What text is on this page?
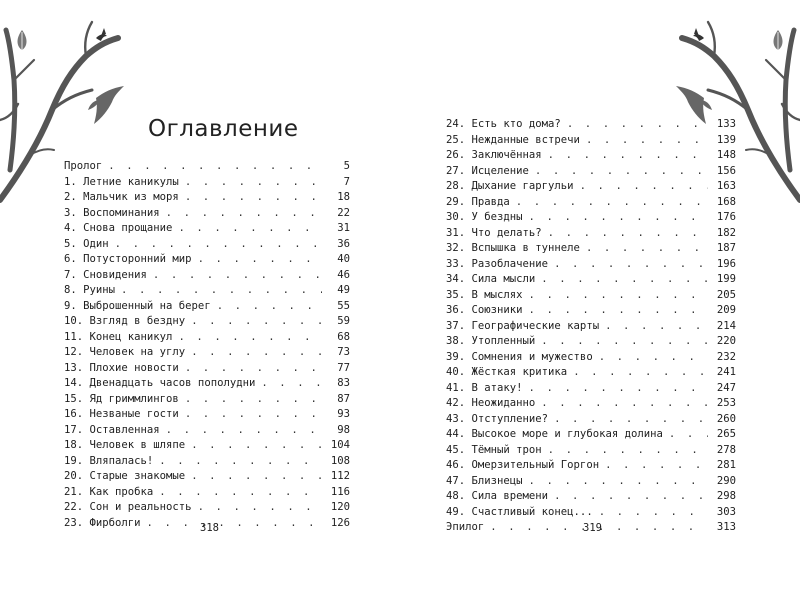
Оглавление
Пролог . . .	5
1. Летние каникулы . . .	7
2. Мальчик из моря . . .	18
3. Воспоминания . . .	22
4. Снова прощание . . .	31
5. Один . . .	36
6. Потусторонний мир . . .	40
7. Сновидения . . .	46
8. Руины . . .	49
9. Выброшенный на берег . . .	55
10. Взгляд в бездну . . .	59
11. Конец каникул . . .	68
12. Человек на углу . . .	73
13. Плохие новости . . .	77
14. Двенадцать часов пополудни . . .	83
15. Яд гриммлингов . . .	87
16. Незваные гости . . .	93
17. Оставленная . . .	98
18. Человек в шляпе . . .	104
19. Вляпалась! . . .	108
20. Старые знакомые . . .	112
21. Как пробка . . .	116
22. Сон и реальность . . .	120
23. Фирболги . . .	126
318
24. Есть кто дома? . . .	133
25. Нежданные встречи . . .	139
26. Заключённая . . .	148
27. Исцеление . . .	156
28. Дыхание гаргульи . . .	163
29. Правда . . .	168
30. У бездны . . .	176
31. Что делать? . . .	182
32. Вспышка в туннеле . . .	187
33. Разоблачение . . .	196
34. Сила мысли . . .	199
35. В мыслях . . .	205
36. Союзники . . .	209
37. Географические карты . . .	214
38. Утопленный . . .	220
39. Сомнения и мужество . . .	232
40. Жёсткая критика . . .	241
41. В атаку! . . .	247
42. Неожиданно . . .	253
43. Отступление? . . .	260
44. Высокое море и глубокая долина . . .	265
45. Тёмный трон . . .	278
46. Омерзительный Горгон . . .	281
47. Близнецы . . .	290
48. Сила времени . . .	298
49. Счастливый конец... . . .	303
Эпилог . . .	313
319
